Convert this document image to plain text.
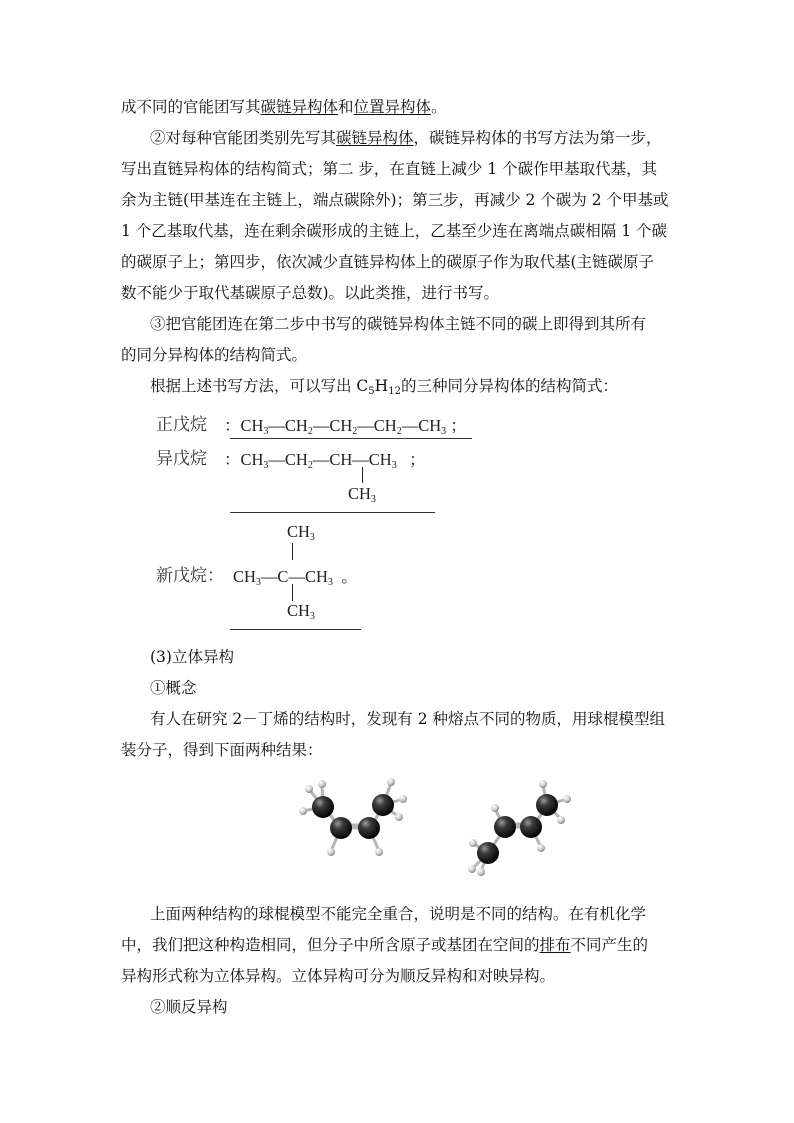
成不同的官能团写其碳链异构体和位置异构体。
②对每种官能团类别先写其碳链异构体，碳链异构体的书写方法为第一步，
写出直链异构体的结构简式；第二 步，在直链上减少 1 个碳作甲基取代基，其
余为主链(甲基连在主链上，端点碳除外)；第三步，再减少 2 个碳为 2 个甲基或
1 个乙基取代基，连在剩余碳形成的主链上，乙基至少连在离端点碳相隔 1 个碳
的碳原子上；第四步，依次减少直链异构体上的碳原子作为取代基(主链碳原子
数不能少于取代基碳原子总数)。以此类推，进行书写。
③把官能团连在第二步中书写的碳链异构体主链不同的碳上即得到其所有
的同分异构体的结构简式。
根据上述书写方法，可以写出 $C_5H_{12}$的三种同分异构体的结构简式：
正戊烷 ：$CH_3—CH_2—CH_2—CH_2—CH_3$ ；
异戊烷 ：$CH_3—CH_2—CH—CH_3$ ；
$CH_3$
$CH_3$
新戊烷： $CH_3—C—CH_3$ 。
$CH_3$
(3)立体异构
①概念
有人在研究 2－丁烯的结构时，发现有 2 种熔点不同的物质，用球棍模型组
装分子，得到下面两种结果：
上面两种结构的球棍模型不能完全重合，说明是不同的结构。在有机化学
中，我们把这种构造相同，但分子中所含原子或基团在空间的排布不同产生的
异构形式称为立体异构。立体异构可分为顺反异构和对映异构。
②顺反异构
